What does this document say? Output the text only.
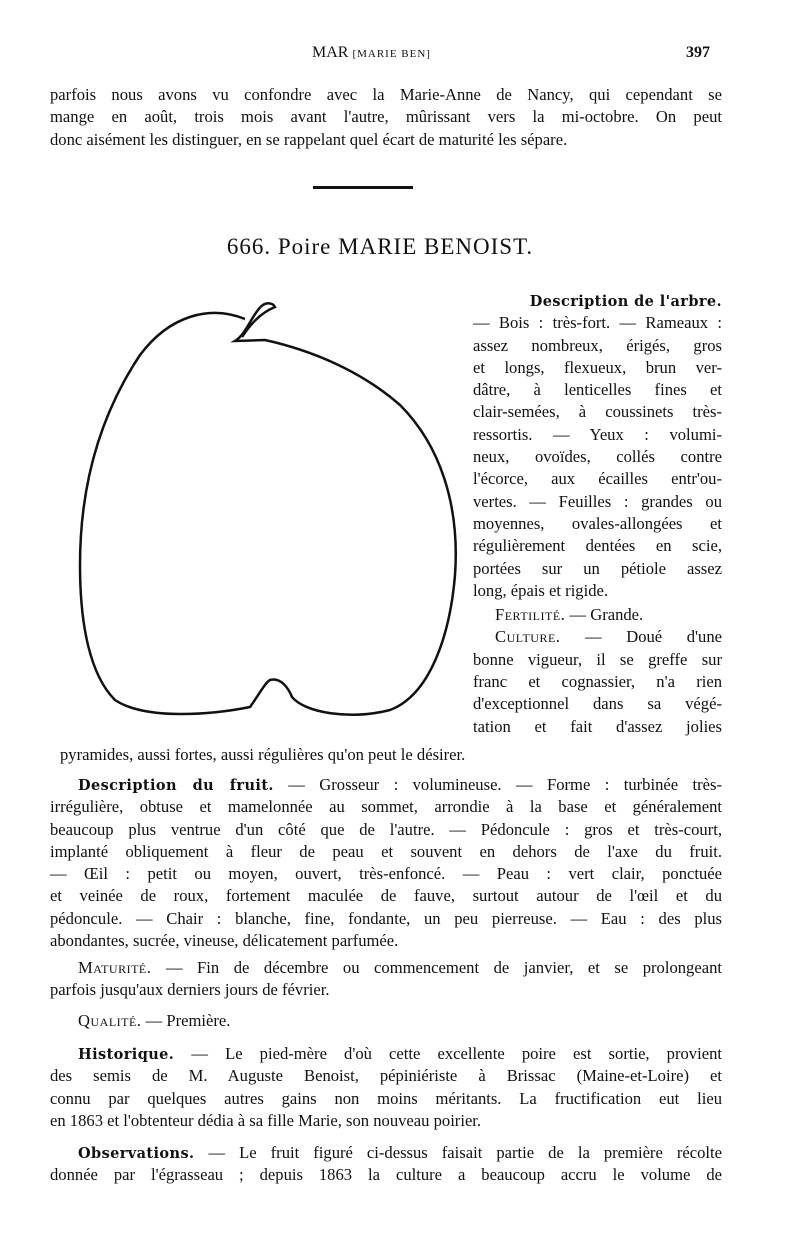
MAR [MARIE BEN]	397
parfois nous avons vu confondre avec la Marie-Anne de Nancy, qui cependant se
mange en août, trois mois avant l'autre, mûrissant vers la mi-octobre. On peut
donc aisément les distinguer, en se rappelant quel écart de maturité les sépare.
666. Poire MARIE BENOIST.
Description de l'arbre.
— Bois : très-fort. — Rameaux :
assez nombreux, érigés, gros
et longs, flexueux, brun ver-
dâtre, à lenticelles fines et
clair-semées, à coussinets très-
ressortis. — Yeux : volumi-
neux, ovoïdes, collés contre
l'écorce, aux écailles entr'ou-
vertes. — Feuilles : grandes ou
moyennes, ovales-allongées et
régulièrement dentées en scie,
portées sur un pétiole assez
long, épais et rigide.
Fertilité. — Grande.
Culture. — Doué d'une
bonne vigueur, il se greffe sur
franc et cognassier, n'a rien
d'exceptionnel dans sa végé-
tation et fait d'assez jolies
pyramides, aussi fortes, aussi régulières qu'on peut le désirer.
Description du fruit. — Grosseur : volumineuse. — Forme : turbinée très-
irrégulière, obtuse et mamelonnée au sommet, arrondie à la base et généralement
beaucoup plus ventrue d'un côté que de l'autre. — Pédoncule : gros et très-court,
implanté obliquement à fleur de peau et souvent en dehors de l'axe du fruit.
— Œil : petit ou moyen, ouvert, très-enfoncé. — Peau : vert clair, ponctuée
et veinée de roux, fortement maculée de fauve, surtout autour de l'œil et du
pédoncule. — Chair : blanche, fine, fondante, un peu pierreuse. — Eau : des plus
abondantes, sucrée, vineuse, délicatement parfumée.
Maturité. — Fin de décembre ou commencement de janvier, et se prolongeant
parfois jusqu'aux derniers jours de février.
Qualité. — Première.
Historique. — Le pied-mère d'où cette excellente poire est sortie, provient
des semis de M. Auguste Benoist, pépiniériste à Brissac (Maine-et-Loire) et
connu par quelques autres gains non moins méritants. La fructification eut lieu
en 1863 et l'obtenteur dédia à sa fille Marie, son nouveau poirier.
Observations. — Le fruit figuré ci-dessus faisait partie de la première récolte
donnée par l'égrasseau ; depuis 1863 la culture a beaucoup accru le volume de
